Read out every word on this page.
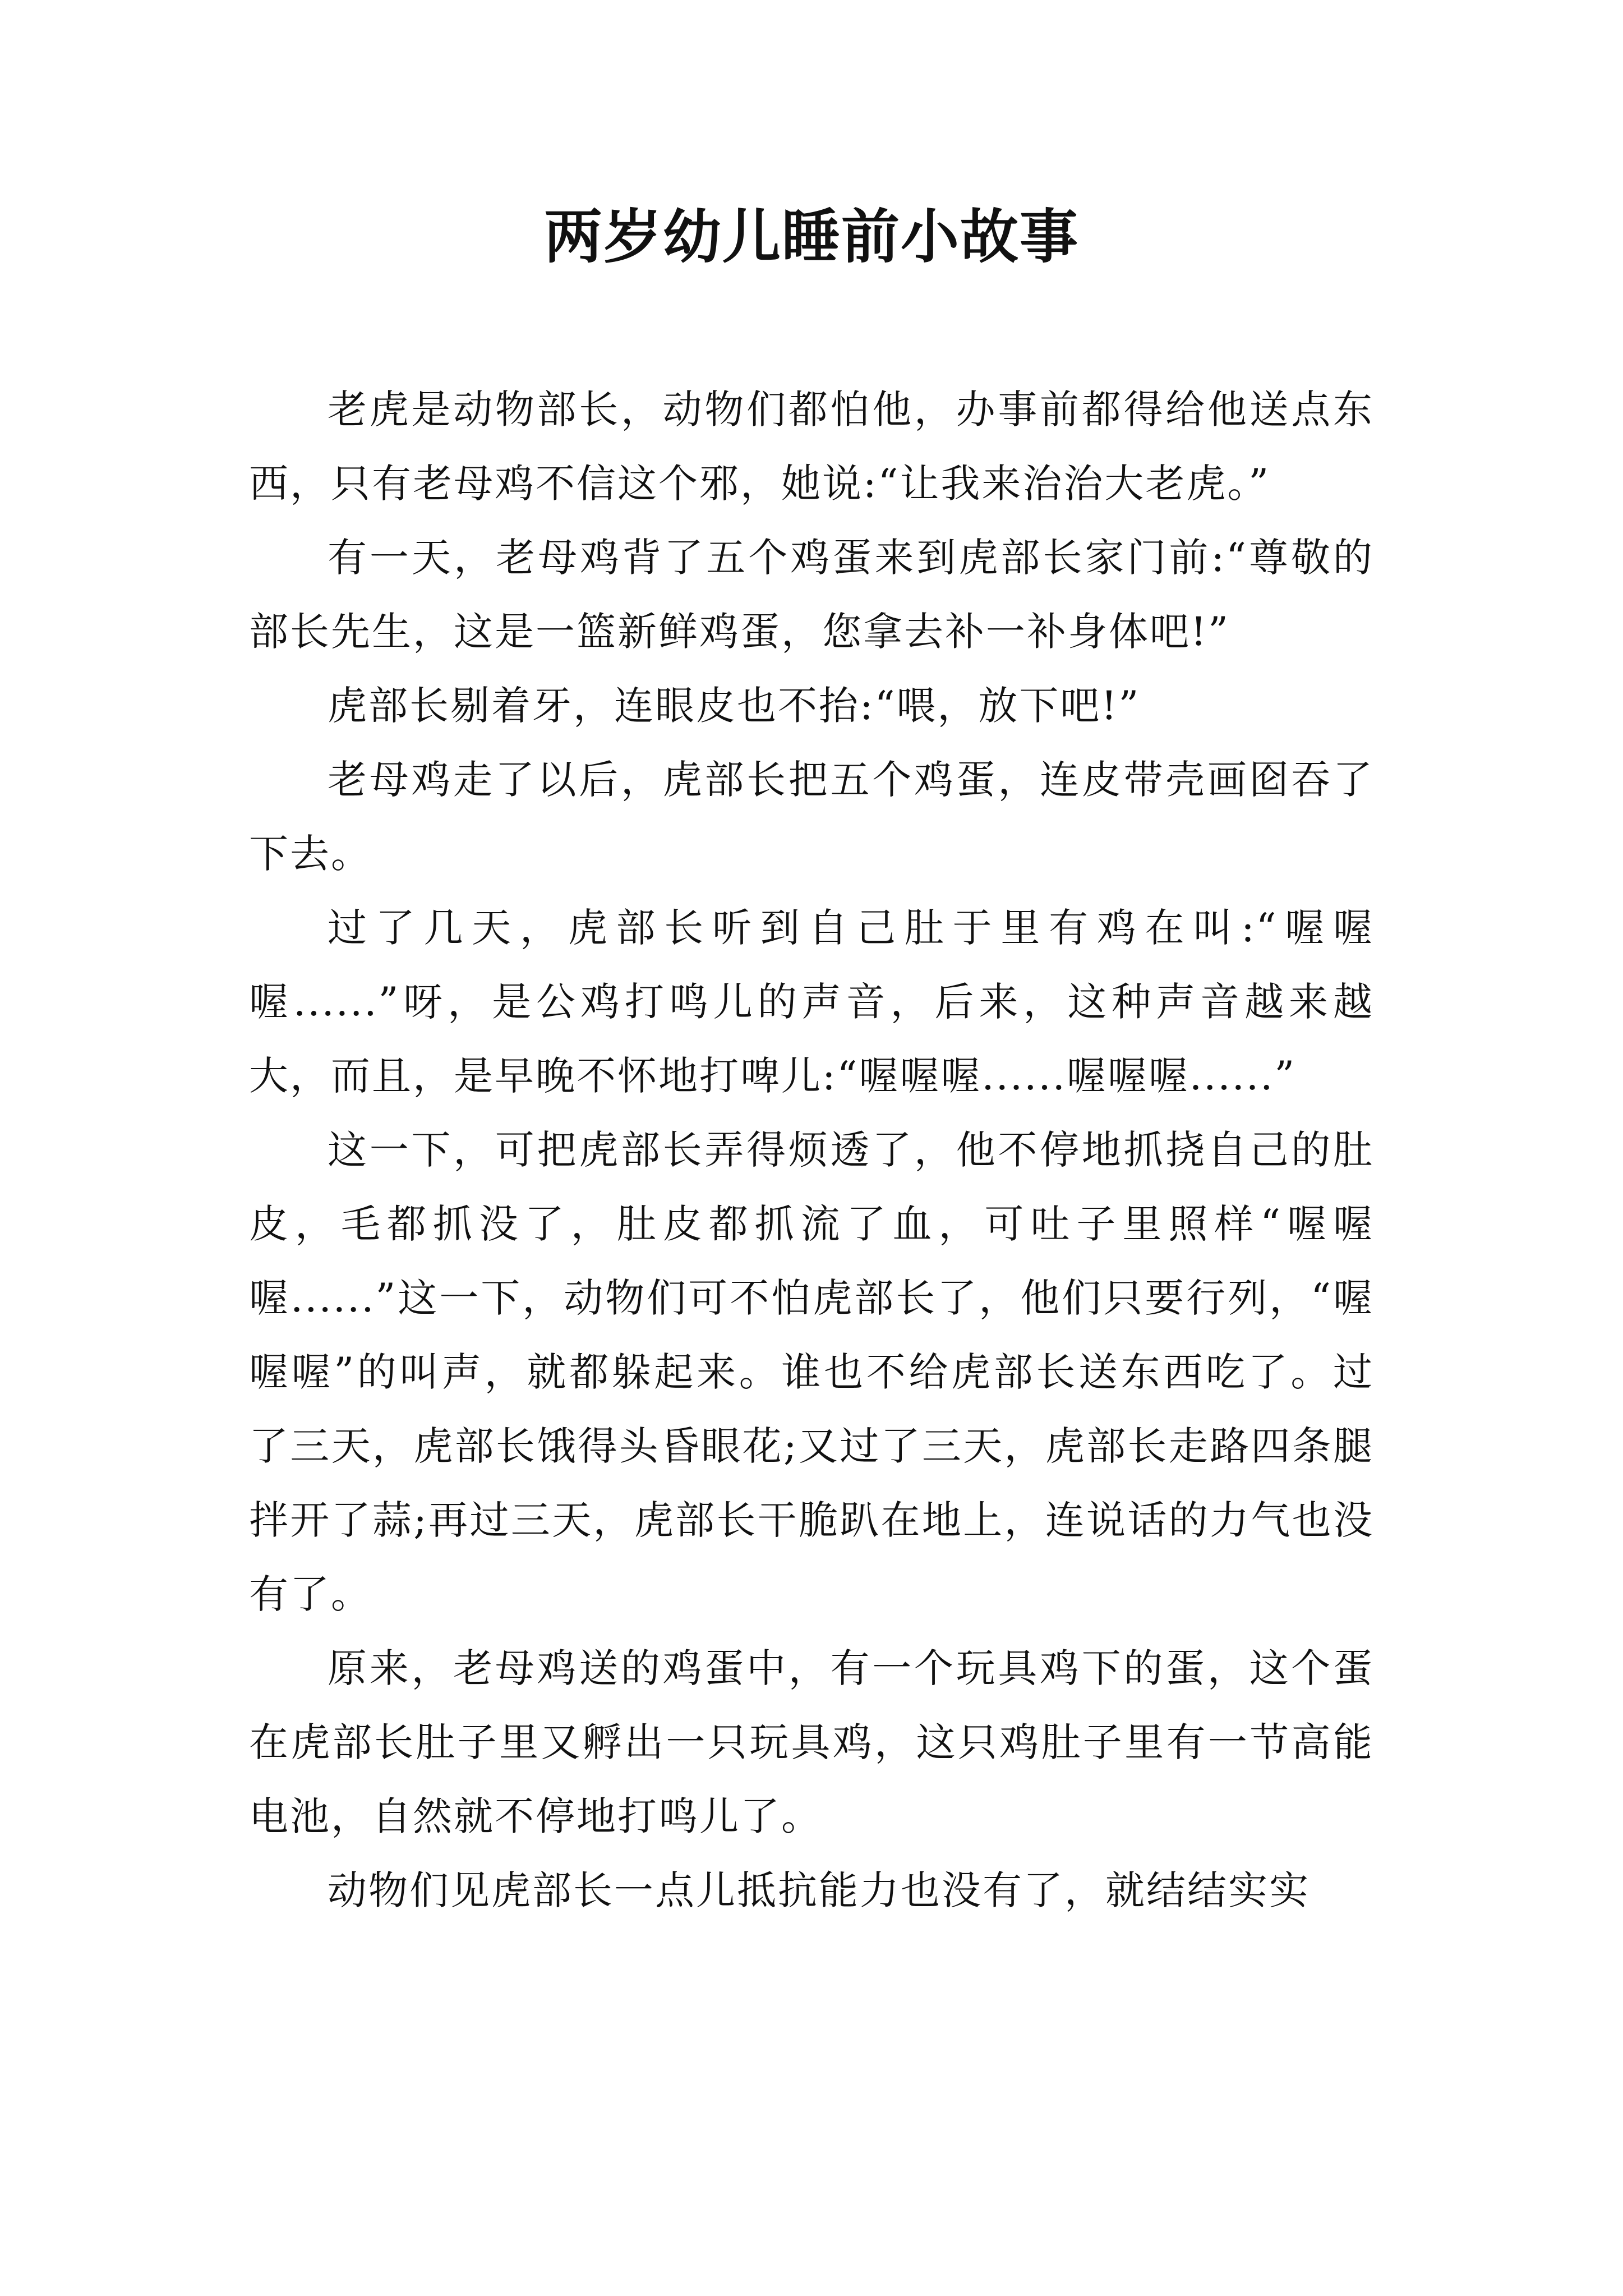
两岁幼儿睡前小故事

老虎是动物部长，动物们都怕他，办事前都得给他送点东西，只有老母鸡不信这个邪，她说:“让我来治治大老虎。”

有一天，老母鸡背了五个鸡蛋来到虎部长家门前:“尊敬的部长先生，这是一篮新鲜鸡蛋，您拿去补一补身体吧!”

虎部长剔着牙，连眼皮也不抬:“喂，放下吧!”

老母鸡走了以后，虎部长把五个鸡蛋，连皮带壳画囵吞了下去。

过了几天，虎部长听到自己肚于里有鸡在叫:“喔喔喔......”呀，是公鸡打鸣儿的声音，后来，这种声音越来越大，而且，是早晚不怀地打啤儿:“喔喔喔......喔喔喔......”

这一下，可把虎部长弄得烦透了，他不停地抓挠自己的肚皮，毛都抓没了，肚皮都抓流了血，可吐子里照样“喔喔喔......”这一下，动物们可不怕虎部长了，他们只要行列，“喔喔喔”的叫声，就都躲起来。谁也不给虎部长送东西吃了。过了三天，虎部长饿得头昏眼花;又过了三天，虎部长走路四条腿拌开了蒜;再过三天，虎部长干脆趴在地上，连说话的力气也没有了。

原来，老母鸡送的鸡蛋中，有一个玩具鸡下的蛋，这个蛋在虎部长肚子里又孵出一只玩具鸡，这只鸡肚子里有一节高能电池，自然就不停地打鸣儿了。

动物们见虎部长一点儿抵抗能力也没有了，就结结实实
